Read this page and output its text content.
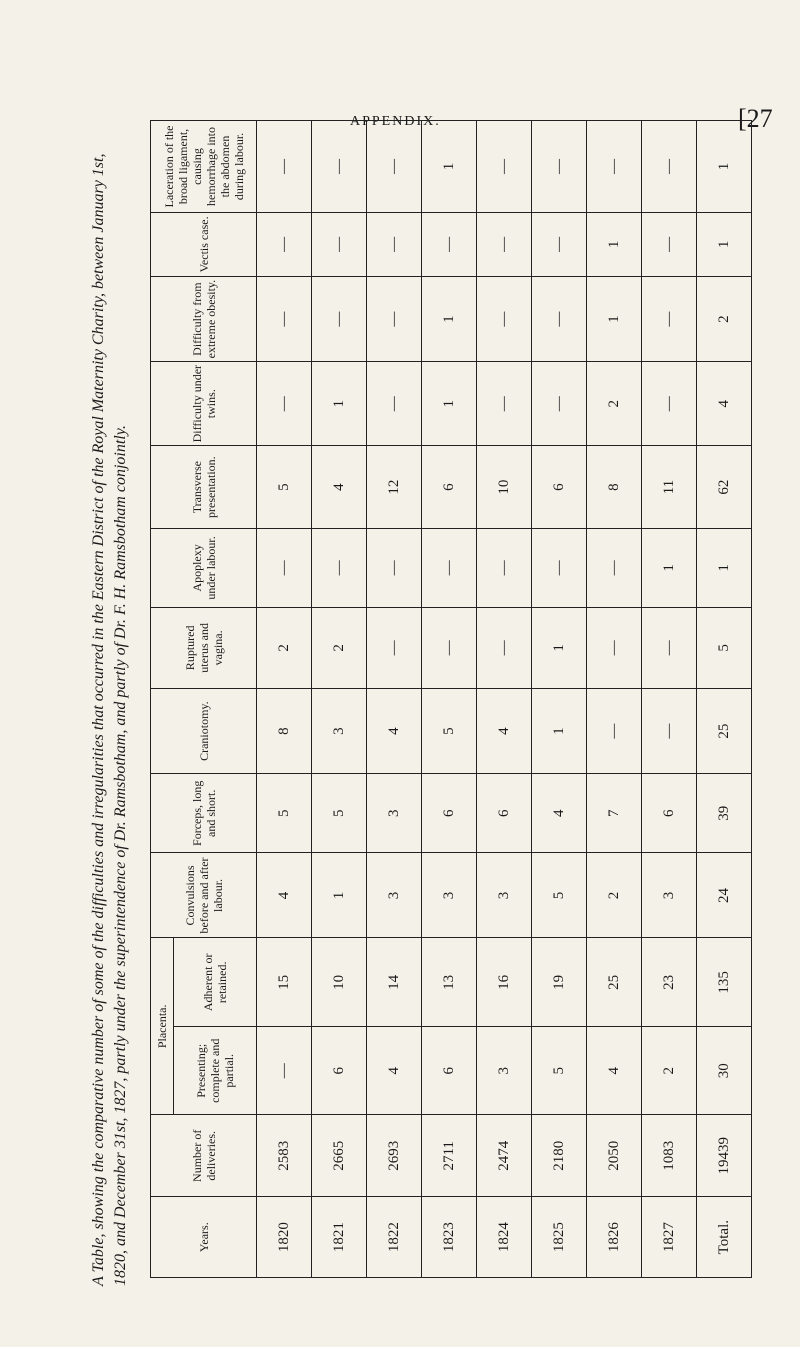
APPENDIX.	[27
A Table, showing the comparative number of some of the difficulties and irregularities that occurred in the Eastern District of the Royal Maternity Charity, between January 1st, 1820, and December 31st, 1827, partly under the superintendence of Dr. Ramsbotham, and partly of Dr. F. H. Ramsbotham conjointly.	Years.	Number of deliveries.	Placenta.		Convulsions before and after labour.	Forceps, long and short.	Craniotomy.	Ruptured uterus and vagina.	Apoplexy under labour.	Transverse presentation.	Difficulty under twins.	Difficulty from extreme obesity.	Vectis case.	Laceration of the broad ligament, causing hemorrhage into the abdomen during labour.
		Presenting; complete and partial.	Adherent or retained.										
1820	2583	—	15	4	5	8	2	—	5	—	—	—	—
1821	2665	6	10	1	5	3	2	—	4	1	—	—	—
1822	2693	4	14	3	3	4	—	—	12	—	—	—	—
1823	2711	6	13	3	6	5	—	—	6	1	1	—	1
1824	2474	3	16	3	6	4	—	—	10	—	—	—	—
1825	2180	5	19	5	4	1	1	—	6	—	—	—	—
1826	2050	4	25	2	7	—	—	—	8	2	1	1	—
1827	1083	2	23	3	6	—	—	1	11	—	—	—	—
Total.	19439	30	135	24	39	25	5	1	62	4	2	1	1
